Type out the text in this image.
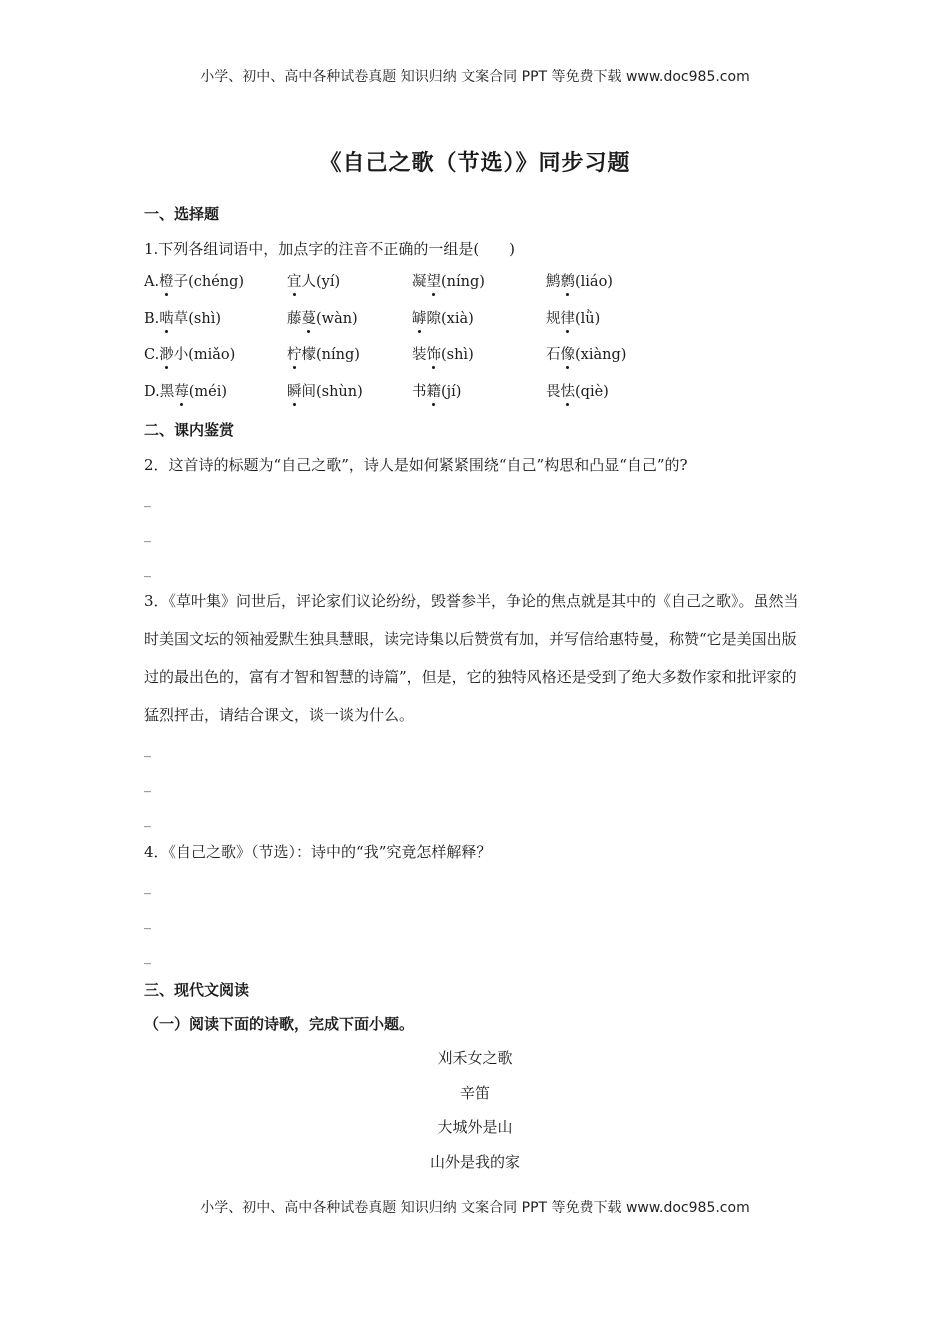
小学、初中、高中各种试卷真题 知识归纳 文案合同 PPT 等免费下载 www.doc985.com
《自己之歌（节选）》同步习题
一、选择题
1.下列各组词语中，加点字的注音不正确的一组是(　　)
A.橙子(chéng)	宜人(yí)	凝望(níng)	鹪鹩(liáo)
B.啮草(shì)	藤蔓(wàn)	罅隙(xià)	规律(lǜ)
C.渺小(miǎo)	柠檬(níng)	装饰(shì)	石像(xiàng)
D.黑莓(méi)	瞬间(shùn)	书籍(jí)	畏怯(qiè)
二、课内鉴赏
2．这首诗的标题为“自己之歌”，诗人是如何紧紧围绕“自己”构思和凸显“自己”的?
_
_
_
3．《草叶集》问世后，评论家们议论纷纷，毁誉参半，争论的焦点就是其中的《自己之歌》。虽然当时美国文坛的领袖爱默生独具慧眼，读完诗集以后赞赏有加，并写信给惠特曼，称赞“它是美国出版过的最出色的，富有才智和智慧的诗篇”，但是，它的独特风格还是受到了绝大多数作家和批评家的猛烈抨击，请结合课文，谈一谈为什么。
_
_
_
4．《自己之歌》（节选）：诗中的“我”究竟怎样解释？
_
_
_
三、现代文阅读
（一）阅读下面的诗歌，完成下面小题。
刈禾女之歌
辛笛
大城外是山
山外是我的家
小学、初中、高中各种试卷真题 知识归纳 文案合同 PPT 等免费下载 www.doc985.com
